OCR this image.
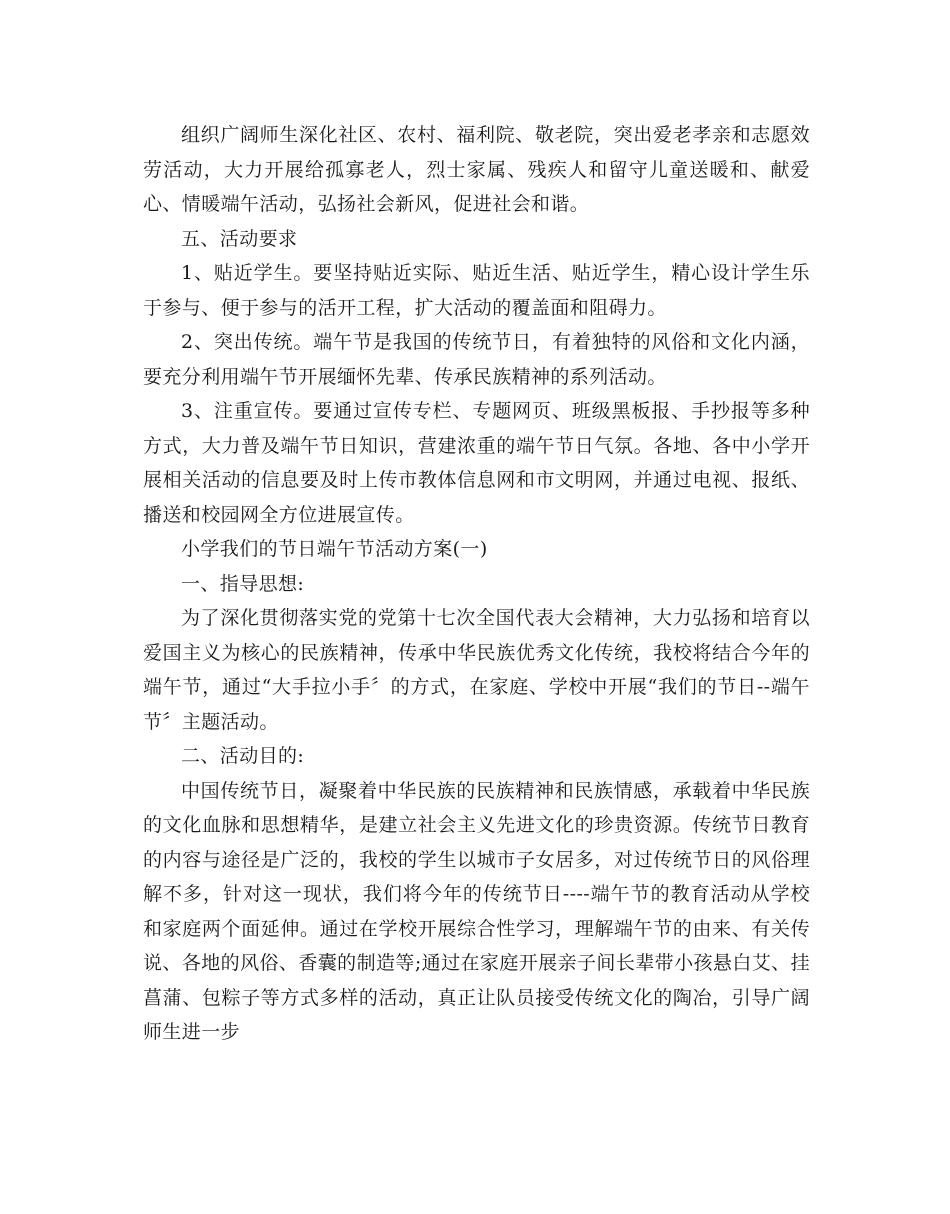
组织广阔师生深化社区、农村、福利院、敬老院，突出爱老孝亲和志愿效劳活动，大力开展给孤寡老人，烈士家属、残疾人和留守儿童送暖和、献爱心、情暖端午活动，弘扬社会新风，促进社会和谐。

五、活动要求

1、贴近学生。要坚持贴近实际、贴近生活、贴近学生，精心设计学生乐于参与、便于参与的活开工程，扩大活动的覆盖面和阻碍力。

2、突出传统。端午节是我国的传统节日，有着独特的风俗和文化内涵，要充分利用端午节开展缅怀先辈、传承民族精神的系列活动。

3、注重宣传。要通过宣传专栏、专题网页、班级黑板报、手抄报等多种方式，大力普及端午节日知识，营建浓重的端午节日气氛。各地、各中小学开展相关活动的信息要及时上传市教体信息网和市文明网，并通过电视、报纸、播送和校园网全方位进展宣传。

小学我们的节日端午节活动方案(一)

一、指导思想:

为了深化贯彻落实党的党第十七次全国代表大会精神，大力弘扬和培育以爱国主义为核心的民族精神，传承中华民族优秀文化传统，我校将结合今年的端午节，通过“大手拉小手〞的方式，在家庭、学校中开展“我们的节日--端午节〞主题活动。

二、活动目的:

中国传统节日，凝聚着中华民族的民族精神和民族情感，承载着中华民族的文化血脉和思想精华，是建立社会主义先进文化的珍贵资源。传统节日教育的内容与途径是广泛的，我校的学生以城市子女居多，对过传统节日的风俗理解不多，针对这一现状，我们将今年的传统节日----端午节的教育活动从学校和家庭两个面延伸。通过在学校开展综合性学习，理解端午节的由来、有关传说、各地的风俗、香囊的制造等;通过在家庭开展亲子间长辈带小孩悬白艾、挂菖蒲、包粽子等方式多样的活动，真正让队员接受传统文化的陶冶，引导广阔师生进一步
